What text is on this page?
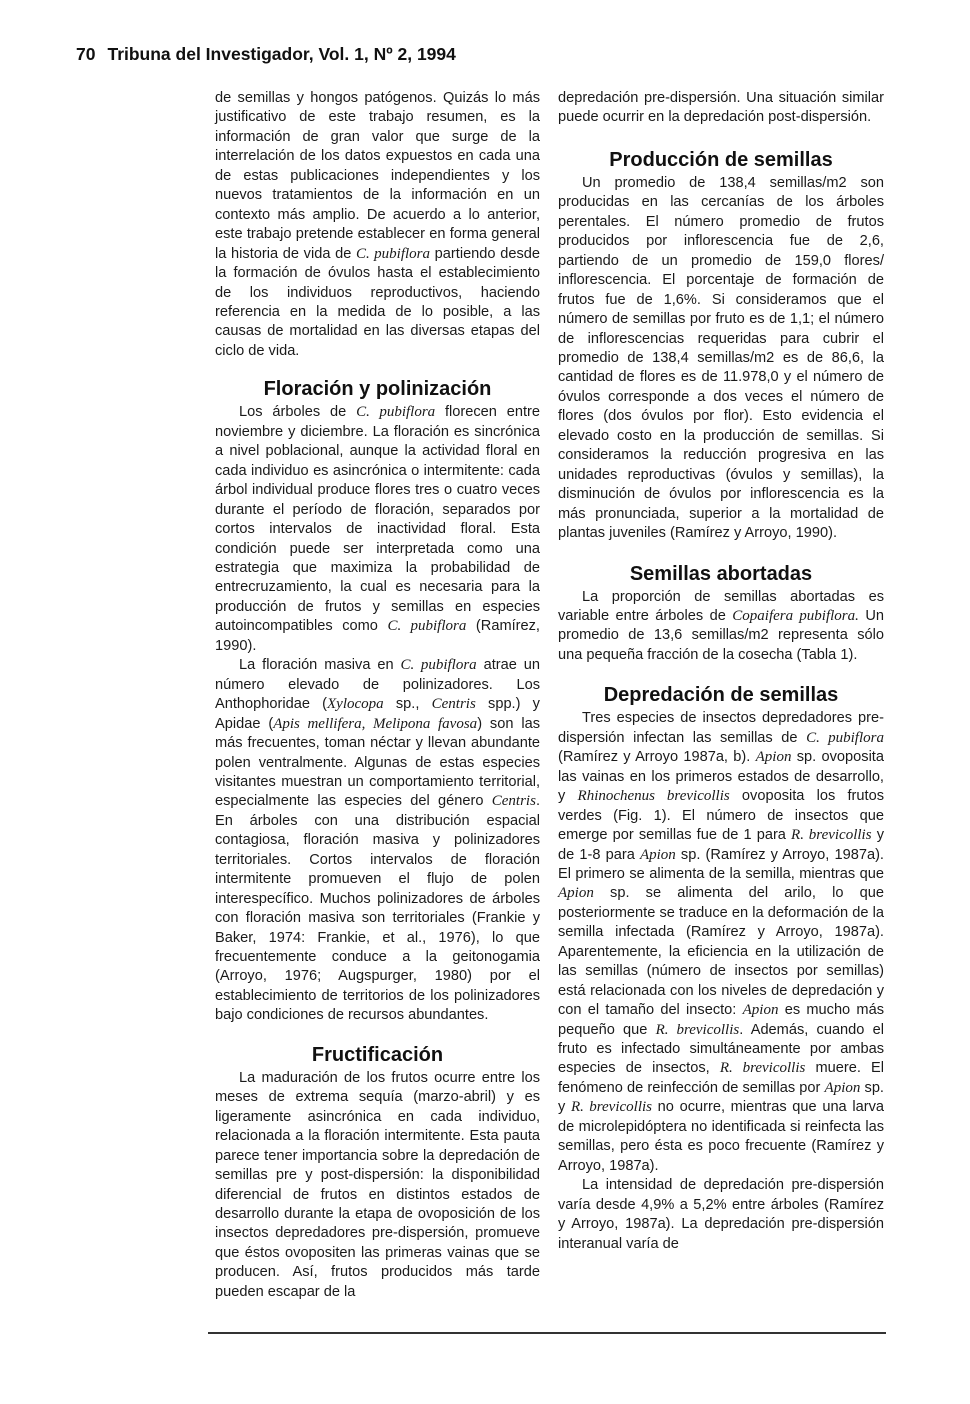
70 Tribuna del Investigador, Vol. 1, Nº 2, 1994

de semillas y hongos patógenos. Quizás lo más justificativo de este trabajo resumen, es la información de gran valor que surge de la interrelación de los datos expuestos en cada una de estas publicaciones independientes y los nuevos tratamientos de la información en un contexto más amplio. De acuerdo a lo anterior, este trabajo pretende establecer en forma general la historia de vida de C. pubiflora partiendo desde la formación de óvulos hasta el establecimiento de los individuos reproductivos, haciendo referencia en la medida de lo posible, a las causas de mortalidad en las diversas etapas del ciclo de vida.

Floración y polinización

Los árboles de C. pubiflora florecen entre noviembre y diciembre. La floración es sincrónica a nivel poblacional, aunque la actividad floral en cada individuo es asincrónica o intermitente: cada árbol individual produce flores tres o cuatro veces durante el período de floración, separados por cortos intervalos de inactividad floral. Esta condición puede ser interpretada como una estrategia que maximiza la probabilidad de entrecruzamiento, la cual es necesaria para la producción de frutos y semillas en especies autoincompatibles como C. pubiflora (Ramírez, 1990).

La floración masiva en C. pubiflora atrae un número elevado de polinizadores. Los Anthophoridae (Xylocopa sp., Centris spp.) y Apidae (Apis mellifera, Melipona favosa) son las más frecuentes, toman néctar y llevan abundante polen ventralmente. Algunas de estas especies visitantes muestran un comportamiento territorial, especialmente las especies del género Centris. En árboles con una distribución espacial contagiosa, floración masiva y polinizadores territoriales. Cortos intervalos de floración intermitente promueven el flujo de polen interespecífico. Muchos polinizadores de árboles con floración masiva son territoriales (Frankie y Baker, 1974: Frankie, et al., 1976), lo que frecuentemente conduce a la geitonogamia (Arroyo, 1976; Augspurger, 1980) por el establecimiento de territorios de los polinizadores bajo condiciones de recursos abundantes.

Fructificación

La maduración de los frutos ocurre entre los meses de extrema sequía (marzo-abril) y es ligeramente asincrónica en cada individuo, relacionada a la floración intermitente. Esta pauta parece tener importancia sobre la depredación de semillas pre y post-dispersión: la disponibilidad diferencial de frutos en distintos estados de desarrollo durante la etapa de ovoposición de los insectos depredadores pre-dispersión, promueve que éstos ovopositen las primeras vainas que se producen. Así, frutos producidos más tarde pueden escapar de la

depredación pre-dispersión. Una situación similar puede ocurrir en la depredación post-dispersión.

Producción de semillas

Un promedio de 138,4 semillas/m2 son producidas en las cercanías de los árboles perentales. El número promedio de frutos producidos por inflorescencia fue de 2,6, partiendo de un promedio de 159,0 flores/ inflorescencia. El porcentaje de formación de frutos fue de 1,6%. Si consideramos que el número de semillas por fruto es de 1,1; el número de inflorescencias requeridas para cubrir el promedio de 138,4 semillas/m2 es de 86,6, la cantidad de flores es de 11.978,0 y el número de óvulos corresponde a dos veces el número de flores (dos óvulos por flor). Esto evidencia el elevado costo en la producción de semillas. Si consideramos la reducción progresiva en las unidades reproductivas (óvulos y semillas), la disminución de óvulos por inflorescencia es la más pronunciada, superior a la mortalidad de plantas juveniles (Ramírez y Arroyo, 1990).

Semillas abortadas

La proporción de semillas abortadas es variable entre árboles de Copaifera pubiflora. Un promedio de 13,6 semillas/m2 representa sólo una pequeña fracción de la cosecha (Tabla 1).

Depredación de semillas

Tres especies de insectos depredadores pre-dispersión infectan las semillas de C. pubiflora (Ramírez y Arroyo 1987a, b). Apion sp. ovoposita las vainas en los primeros estados de desarrollo, y Rhinochenus brevicollis ovoposita los frutos verdes (Fig. 1). El número de insectos que emerge por semillas fue de 1 para R. brevicollis y de 1-8 para Apion sp. (Ramírez y Arroyo, 1987a). El primero se alimenta de la semilla, mientras que Apion sp. se alimenta del arilo, lo que posteriormente se traduce en la deformación de la semilla infectada (Ramírez y Arroyo, 1987a). Aparentemente, la eficiencia en la utilización de las semillas (número de insectos por semillas) está relacionada con los niveles de depredación y con el tamaño del insecto: Apion es mucho más pequeño que R. brevicollis. Además, cuando el fruto es infectado simultáneamente por ambas especies de insectos, R. brevicollis muere. El fenómeno de reinfección de semillas por Apion sp. y R. brevicollis no ocurre, mientras que una larva de microlepidóptera no identificada si reinfecta las semillas, pero ésta es poco frecuente (Ramírez y Arroyo, 1987a).

La intensidad de depredación pre-dispersión varía desde 4,9% a 5,2% entre árboles (Ramírez y Arroyo, 1987a). La depredación pre-dispersión interanual varía de
